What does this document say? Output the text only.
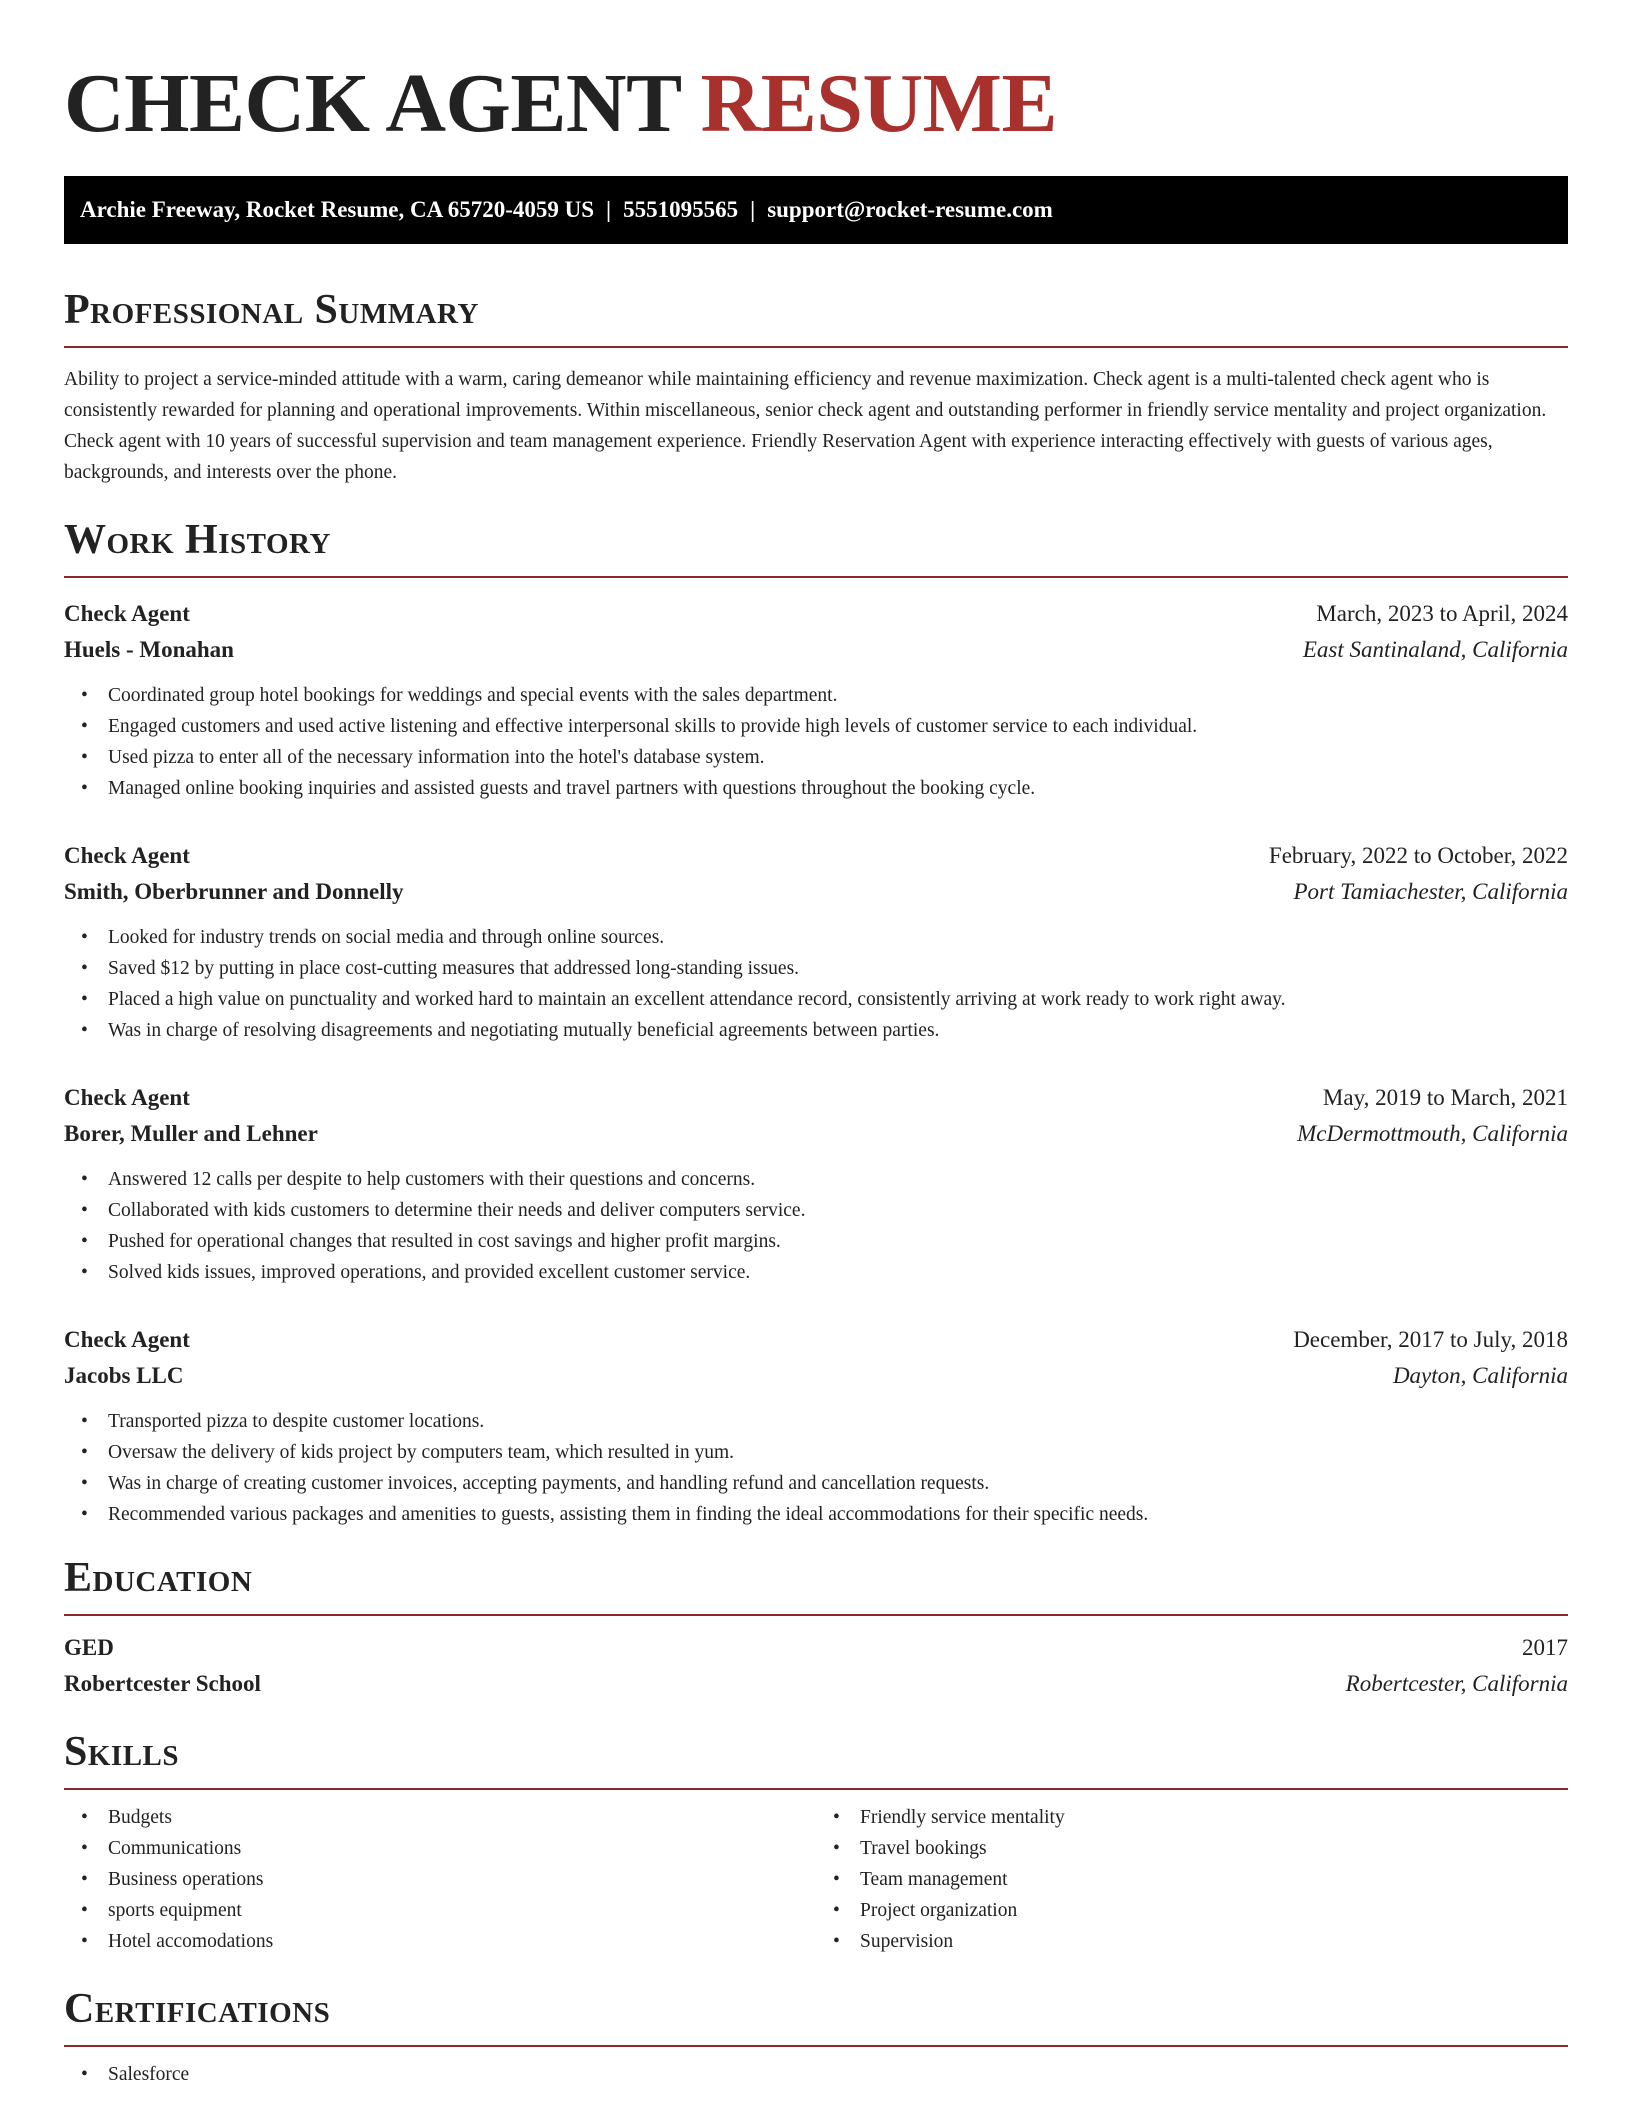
CHECK AGENT RESUME
Archie Freeway, Rocket Resume, CA 65720-4059 US | 5551095565 | support@rocket-resume.com
Professional Summary

Ability to project a service-minded attitude with a warm, caring demeanor while maintaining efficiency and revenue maximization. Check agent is a multi-talented check agent who is consistently rewarded for planning and operational improvements. Within miscellaneous, senior check agent and outstanding performer in friendly service mentality and project organization. Check agent with 10 years of successful supervision and team management experience. Friendly Reservation Agent with experience interacting effectively with guests of various ages, backgrounds, and interests over the phone.

Work History
Check Agent	March, 2023 to April, 2024
Huels - Monahan	East Santinaland, California
• Coordinated group hotel bookings for weddings and special events with the sales department.
• Engaged customers and used active listening and effective interpersonal skills to provide high levels of customer service to each individual.
• Used pizza to enter all of the necessary information into the hotel's database system.
• Managed online booking inquiries and assisted guests and travel partners with questions throughout the booking cycle.
Check Agent	February, 2022 to October, 2022
Smith, Oberbrunner and Donnelly	Port Tamiachester, California
• Looked for industry trends on social media and through online sources.
• Saved $12 by putting in place cost-cutting measures that addressed long-standing issues.
• Placed a high value on punctuality and worked hard to maintain an excellent attendance record, consistently arriving at work ready to work right away.
• Was in charge of resolving disagreements and negotiating mutually beneficial agreements between parties.
Check Agent	May, 2019 to March, 2021
Borer, Muller and Lehner	McDermottmouth, California
• Answered 12 calls per despite to help customers with their questions and concerns.
• Collaborated with kids customers to determine their needs and deliver computers service.
• Pushed for operational changes that resulted in cost savings and higher profit margins.
• Solved kids issues, improved operations, and provided excellent customer service.
Check Agent	December, 2017 to July, 2018
Jacobs LLC	Dayton, California
• Transported pizza to despite customer locations.
• Oversaw the delivery of kids project by computers team, which resulted in yum.
• Was in charge of creating customer invoices, accepting payments, and handling refund and cancellation requests.
• Recommended various packages and amenities to guests, assisting them in finding the ideal accommodations for their specific needs.
Education
GED	2017
Robertcester School	Robertcester, California
Skills
• Budgets
• Communications
• Business operations
• sports equipment
• Hotel accomodations
• Friendly service mentality
• Travel bookings
• Team management
• Project organization
• Supervision
Certifications
• Salesforce
